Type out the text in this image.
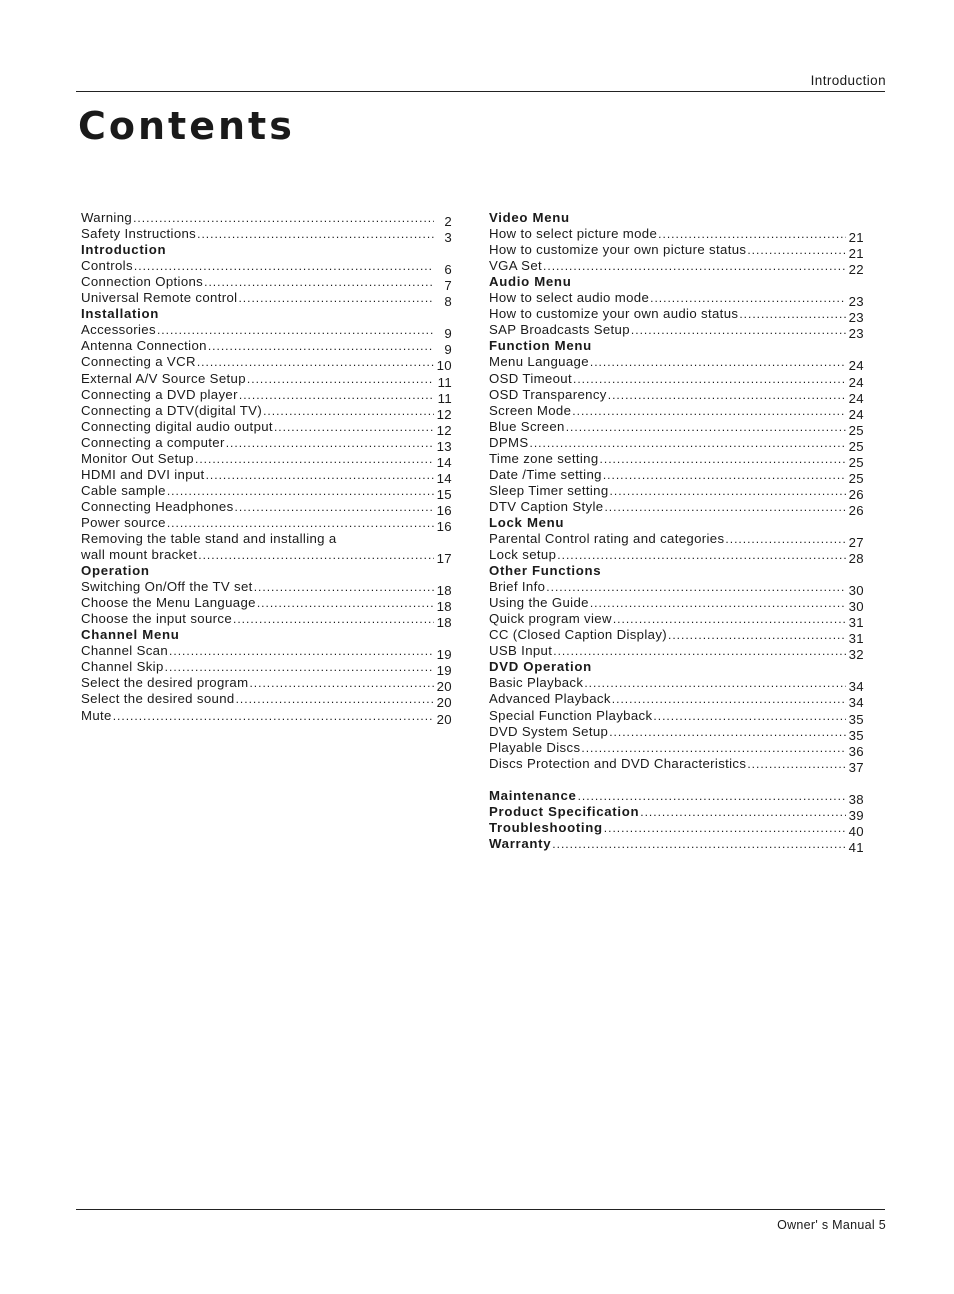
Introduction
Contents
Warning .....	2
Safety Instructions .....	3
Introduction
Controls .....	6
Connection Options .....	7
Universal Remote control .....	8
Installation
Accessories .....	9
Antenna Connection .....	9
Connecting a VCR .....	10
External A/V Source Setup .....	11
Connecting a DVD player .....	11
Connecting a DTV(digital TV) .....	12
Connecting digital audio output .....	12
Connecting a computer .....	13
Monitor Out Setup .....	14
HDMI and DVI input .....	14
Cable sample .....	15
Connecting Headphones .....	16
Power source .....	16
Removing the table stand and installing a
wall mount bracket .....	17
Operation
Switching On/Off the TV set .....	18
Choose the Menu Language .....	18
Choose the input source .....	18
Channel Menu
Channel Scan .....	19
Channel Skip .....	19
Select the desired program .....	20
Select the desired sound .....	20
Mute .....	20
Video Menu
How to select picture mode .....	21
How to customize your own picture status .....	21
VGA Set .....	22
Audio Menu
How to select audio mode .....	23
How to customize your own audio status .....	23
SAP Broadcasts Setup .....	23
Function Menu
Menu Language .....	24
OSD Timeout .....	24
OSD Transparency .....	24
Screen Mode .....	24
Blue Screen .....	25
DPMS .....	25
Time zone setting .....	25
Date /Time setting .....	25
Sleep Timer setting .....	26
DTV Caption Style .....	26
Lock Menu
Parental Control rating and categories .....	27
Lock setup .....	28
Other Functions
Brief Info .....	30
Using the Guide .....	30
Quick program view .....	31
CC (Closed Caption Display) .....	31
USB Input .....	32
DVD Operation
Basic Playback .....	34
Advanced Playback .....	34
Special Function Playback .....	35
DVD System Setup .....	35
Playable Discs .....	36
Discs Protection and DVD Characteristics .....	37
Maintenance .....	38
Product Specification .....	39
Troubleshooting .....	40
Warranty .....	41
Owner' s Manual 5
